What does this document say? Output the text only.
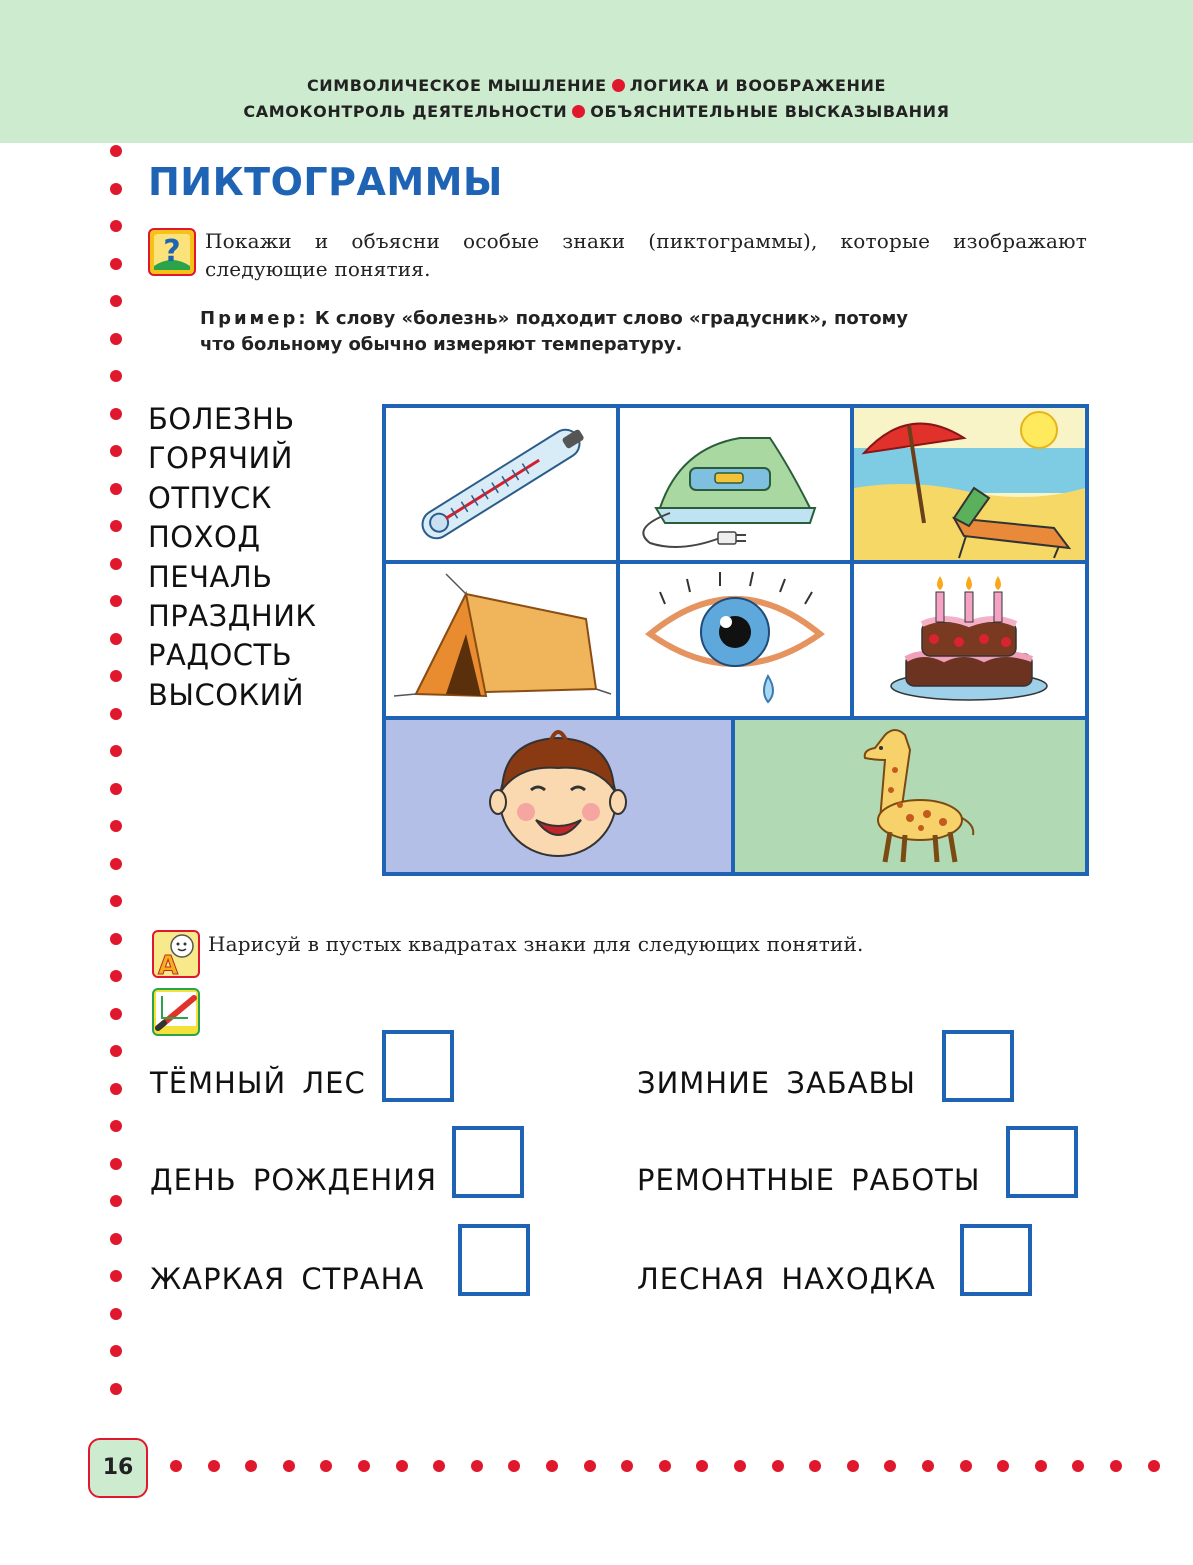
СИМВОЛИЧЕСКОЕ МЫШЛЕНИЕ ЛОГИКА И ВООБРАЖЕНИЕ
САМОКОНТРОЛЬ ДЕЯТЕЛЬНОСТИ ОБЪЯСНИТЕЛЬНЫЕ ВЫСКАЗЫВАНИЯ
ПИКТОГРАММЫ
? Покажи и объясни особые знаки (пиктограммы), которые изображают следующие понятия.
Пример: К слову «болезнь» подходит слово «градусник», потому что больному обычно измеряют температуру.
БОЛЕЗНЬ
ГОРЯЧИЙ
ОТПУСК
ПОХОД
ПЕЧАЛЬ
ПРАЗДНИК
РАДОСТЬ
ВЫСОКИЙ
A
Нарисуй в пустых квадратах знаки для следующих понятий.
ТЁМНЫЙ ЛЕС
ДЕНЬ РОЖДЕНИЯ
ЖАРКАЯ СТРАНА
ЗИМНИЕ ЗАБАВЫ
РЕМОНТНЫЕ РАБОТЫ
ЛЕСНАЯ НАХОДКА
16
